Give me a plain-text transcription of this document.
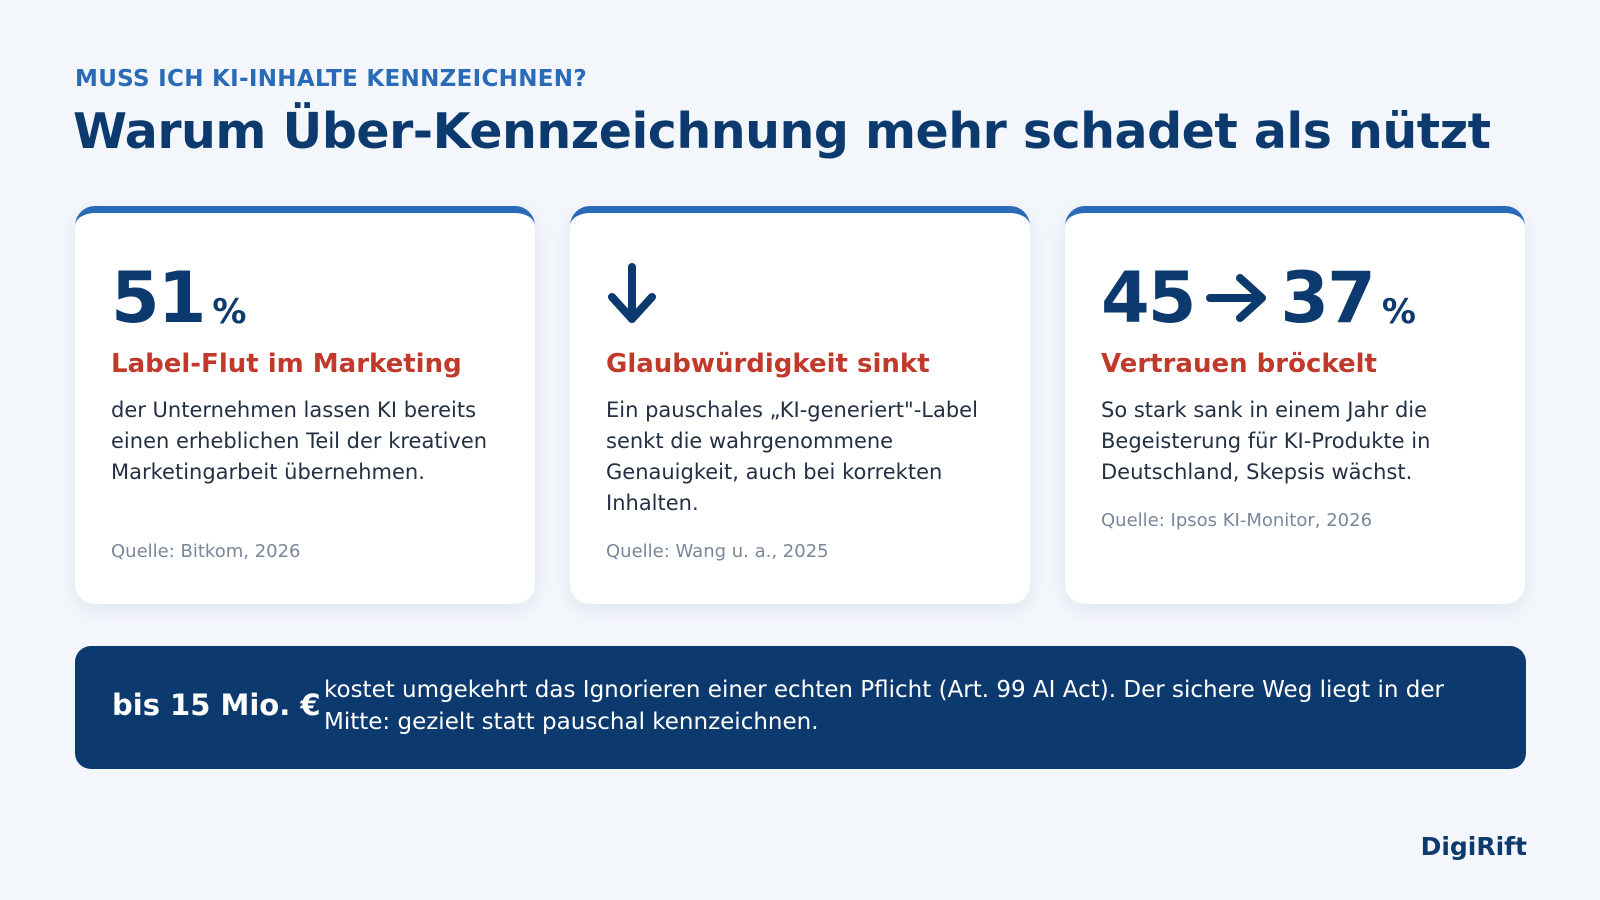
MUSS ICH KI-INHALTE KENNZEICHNEN?
Warum Über-Kennzeichnung mehr schadet als nützt
51 %
Label-Flut im Marketing
der Unternehmen lassen KI bereits einen erheblichen Teil der kreativen Marketingarbeit übernehmen.
Quelle: Bitkom, 2026
Glaubwürdigkeit sinkt
Ein pauschales „KI-generiert"-Label senkt die wahrgenommene Genauigkeit, auch bei korrekten Inhalten.
Quelle: Wang u. a., 2025
45 37 %
Vertrauen bröckelt
So stark sank in einem Jahr die Begeisterung für KI-Produkte in Deutschland, Skepsis wächst.
Quelle: Ipsos KI-Monitor, 2026
bis 15 Mio. € kostet umgekehrt das Ignorieren einer echten Pflicht (Art. 99 AI Act). Der sichere Weg liegt in der Mitte: gezielt statt pauschal kennzeichnen.
DigiRift
